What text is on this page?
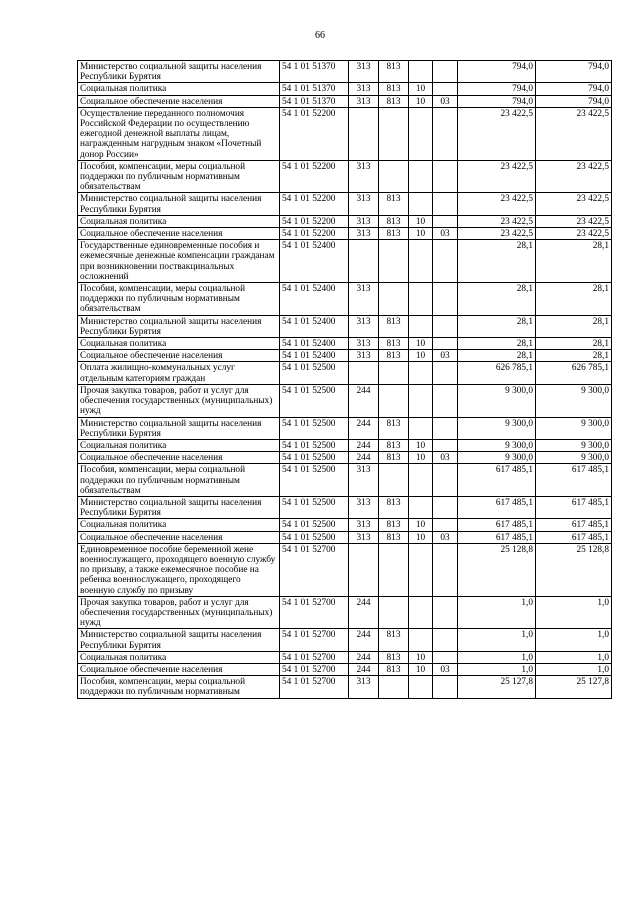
66
Министерство социальной защиты населения Республики Бурятия	54 1 01 51370	313	813			794,0	794,0
Социальная политика	54 1 01 51370	313	813	10		794,0	794,0
Социальное обеспечение населения	54 1 01 51370	313	813	10	03	794,0	794,0
Осуществление переданного полномочия Российской Федерации по осуществлению ежегодной денежной выплаты лицам, награжденным нагрудным знаком «Почетный донор России»	54 1 01 52200					23 422,5	23 422,5
Пособия, компенсации, меры социальной поддержки по публичным нормативным обязательствам	54 1 01 52200	313				23 422,5	23 422,5
Министерство социальной защиты населения Республики Бурятия	54 1 01 52200	313	813			23 422,5	23 422,5
Социальная политика	54 1 01 52200	313	813	10		23 422,5	23 422,5
Социальное обеспечение населения	54 1 01 52200	313	813	10	03	23 422,5	23 422,5
Государственные единовременные пособия и ежемесячные денежные компенсации гражданам при возникновении поствакцинальных осложнений	54 1 01 52400					28,1	28,1
Пособия, компенсации, меры социальной поддержки по публичным нормативным обязательствам	54 1 01 52400	313				28,1	28,1
Министерство социальной защиты населения Республики Бурятия	54 1 01 52400	313	813			28,1	28,1
Социальная политика	54 1 01 52400	313	813	10		28,1	28,1
Социальное обеспечение населения	54 1 01 52400	313	813	10	03	28,1	28,1
Оплата жилищно-коммунальных услуг отдельным категориям граждан	54 1 01 52500					626 785,1	626 785,1
Прочая закупка товаров, работ и услуг для обеспечения государственных (муниципальных) нужд	54 1 01 52500	244				9 300,0	9 300,0
Министерство социальной защиты населения Республики Бурятия	54 1 01 52500	244	813			9 300,0	9 300,0
Социальная политика	54 1 01 52500	244	813	10		9 300,0	9 300,0
Социальное обеспечение населения	54 1 01 52500	244	813	10	03	9 300,0	9 300,0
Пособия, компенсации, меры социальной поддержки по публичным нормативным обязательствам	54 1 01 52500	313				617 485,1	617 485,1
Министерство социальной защиты населения Республики Бурятия	54 1 01 52500	313	813			617 485,1	617 485,1
Социальная политика	54 1 01 52500	313	813	10		617 485,1	617 485,1
Социальное обеспечение населения	54 1 01 52500	313	813	10	03	617 485,1	617 485,1
Единовременное пособие беременной жене военнослужащего, проходящего военную службу по призыву, а также ежемесячное пособие на ребенка военнослужащего, проходящего военную службу по призыву	54 1 01 52700					25 128,8	25 128,8
Прочая закупка товаров, работ и услуг для обеспечения государственных (муниципальных) нужд	54 1 01 52700	244				1,0	1,0
Министерство социальной защиты населения Республики Бурятия	54 1 01 52700	244	813			1,0	1,0
Социальная политика	54 1 01 52700	244	813	10		1,0	1,0
Социальное обеспечение населения	54 1 01 52700	244	813	10	03	1,0	1,0
Пособия, компенсации, меры социальной поддержки по публичным нормативным	54 1 01 52700	313				25 127,8	25 127,8
